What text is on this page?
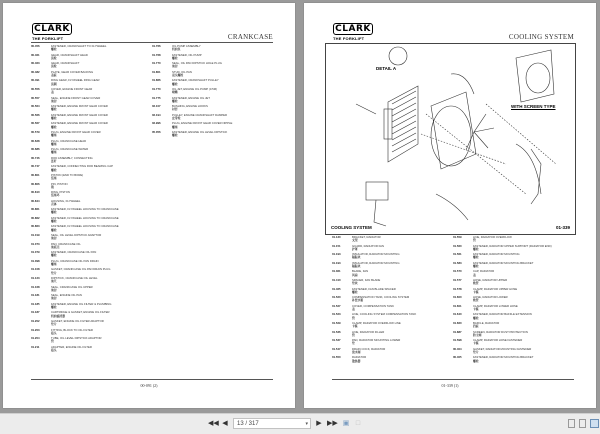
CLARK
THE FORKLIFT	CRANKCASE
00.456	FASTENER, CRANKSHAFT TO FLYWHEEL
螺栓
00.461	GEAR, CRANKSHAFT HEAD
齿轮
00.463	GEAR, CRANKSHAFT
齿轮
00.482	PLATE, GEAR COVER BACKING
盖板
00.491	RING GEAR, FLYWHEEL RING GEAR
齿圈
00.556	COVER, ENGINE FRONT GEAR
盖
00.557	SEAL, ENGINE FRONT GEAR COVER
油封
00.564	FASTENER, ENGINE FRONT GEAR COVER
螺栓
00.566	FASTENER, ENGINE FRONT GEAR COVER
螺栓
00.567	FASTENER, ENGINE FRONT GEAR COVER
螺栓
00.579	PLUG, ENGINE FRONT GEAR COVER
螺塞
00.628	PLUG, CRANKCASE HEAD
螺塞
00.686	PLUG, CRANKCASE WATER
螺塞
00.746	ROD ASSEMBLY, CONNECTING
连杆
00.747	FASTENER, CONNECTING ROD BEARING CAP
螺栓
00.801	PISTON (END TO BORE)
活塞
00.806	PIN, PISTON
销
00.810	RING, PISTON
活塞环
00.844	HOUSING, FLYWHEEL
壳体
00.861	FASTENER, FLYWHEEL HOUSING TO CRANKCASE
螺栓
00.862	FASTENER, FLYWHEEL HOUSING TO CRANKCASE
螺栓
00.863	FASTENER, FLYWHEEL HOUSING TO CRANKCASE
螺栓
01.019	SEAL, OIL LEVEL DIPSTICK ADAPTOR
油封
01.073	PAN, CRANKCASE OIL
油底壳
01.079	FASTENER, CRANKCASE OIL PAN
螺栓
01.098	PLUG, CRANKCASE OIL PAN DRAIN
螺塞
01.108	GASKET, CRANKCASE OIL PAN DRAIN PLUG
垫片
01.123	DIPSTICK, CRANKCASE OIL LEVEL
油尺
01.168	SEAL, CRANKCASE OIL UPPER
油封
01.181	SEAL, ENGINE OIL PAN
油封
01.185	FASTENER, ENGINE OIL FILTER & PLUMBING
螺栓
01.187	CARTRIDGE & GASKET, ENGINE OIL FILTER
机油滤清器
01.202	GASKET, ENGINE OIL FILTER ADAPTOR
垫片
01.203	FITTING, BLOCK TO OIL FILTER
接头
01.204	TUBE, OIL LEVEL DIPSTICK ADAPTOR
管
01.211	ADAPTER, ENGINE OIL FILTER
接头
01.766	OIL PUMP ASSEMBLY
机油泵
01.768	FASTENER, OIL PUMP
螺栓
01.770	SEAL, OIL PAN DIPSTICK HOLE PLUG
油封
01.801	STUD, OIL PAN
双头螺栓
01.866	FASTENER, CRANKSHAFT PULLEY
螺栓
01.770	OIL JET, ENGINE OIL PUMP (0.5M)
喷嘴
01.775	FASTENER, ENGINE OIL JET
螺栓
02.107	BUSHING, ENGINE HOOKS
衬套
02.194	PULLEY, ENGINE CRANKSHAFT DAMPER
皮带轮
02.996	PLUG, ENGINE FRONT GEAR COVER NIPPLE
螺塞
05.056	FASTENER, ENGINE OIL LEVEL DIPSTICK
螺栓
00-091 (2)
CLARK
THE FORKLIFT	COOLING SYSTEM
DETAIL A
WITH SCREEN TYPE
COOLING SYSTEM	01-339
01.130	BRACKET, RADIATOR
支架
01.151	GUARD, RADIATOR FAN
护罩
01.193	INSULATOR, RADIATOR MOUNTING
隔振块
01.193	INSULATOR, RADIATOR MOUNTING
隔振块
01.361	BLADE, FAN
风扇
01.410	SPACER, FAN BLADE
垫块
01.465	FASTENER, FAN BLADE SPACER
螺栓
01.520	COMPENSATION TANK, COOLING SYSTEM
补偿水箱
01.527	COVER, COMPENSATION TANK
盖
01.523	LINE, COOLING SYSTEM COMPENSATION TANK
管
01.529	CLAMP, RADIATOR OVERFLOW LINE
卡箍
01.536	LINE, RADIATOR FILLER
管
01.537	PAD, RADIATOR MOUNTING LOWER
垫
01.547	DRAIN COCK, RADIATOR
放水阀
01.550	RADIATOR
散热器
01.559	LINE, RADIATOR OVERFLOW
管
01.560	FASTENER, RADIATOR UPPER SUPPORT (RADIATOR END)
螺栓
01.561	FASTENER, RADIATOR MOUNTING
螺栓
01.583	FASTENER, RADIATOR MOUNTING BRACKET
螺栓
01.570	CAP, RADIATOR
盖
01.577	HOSE, RADIATOR UPPER
软管
01.578	CLAMP, RADIATOR UPPER HOSE
卡箍
01.600	HOSE, RADIATOR LOWER
软管
01.601	CLAMP, RADIATOR LOWER HOSE
卡箍
01.640	FASTENER, RADIATOR BAFFLE EXTENSION
螺栓
01.660	BAFFLE, RADIATOR
挡板
01.887	SCREEN, RADIATOR DUST PROTECTION
防尘网
01.598	CLAMP, RADIATOR HOSE FASTENER
卡箍
00.404	GASKET, RADIATOR MOUNTING FASTENER
垫片
00.405	FASTENER, RADIATOR MOUNTING BRACKET
螺栓
01-339 (1)
◀◀ ◀	13 / 317	▾	▶ ▶▶ ▣ □
